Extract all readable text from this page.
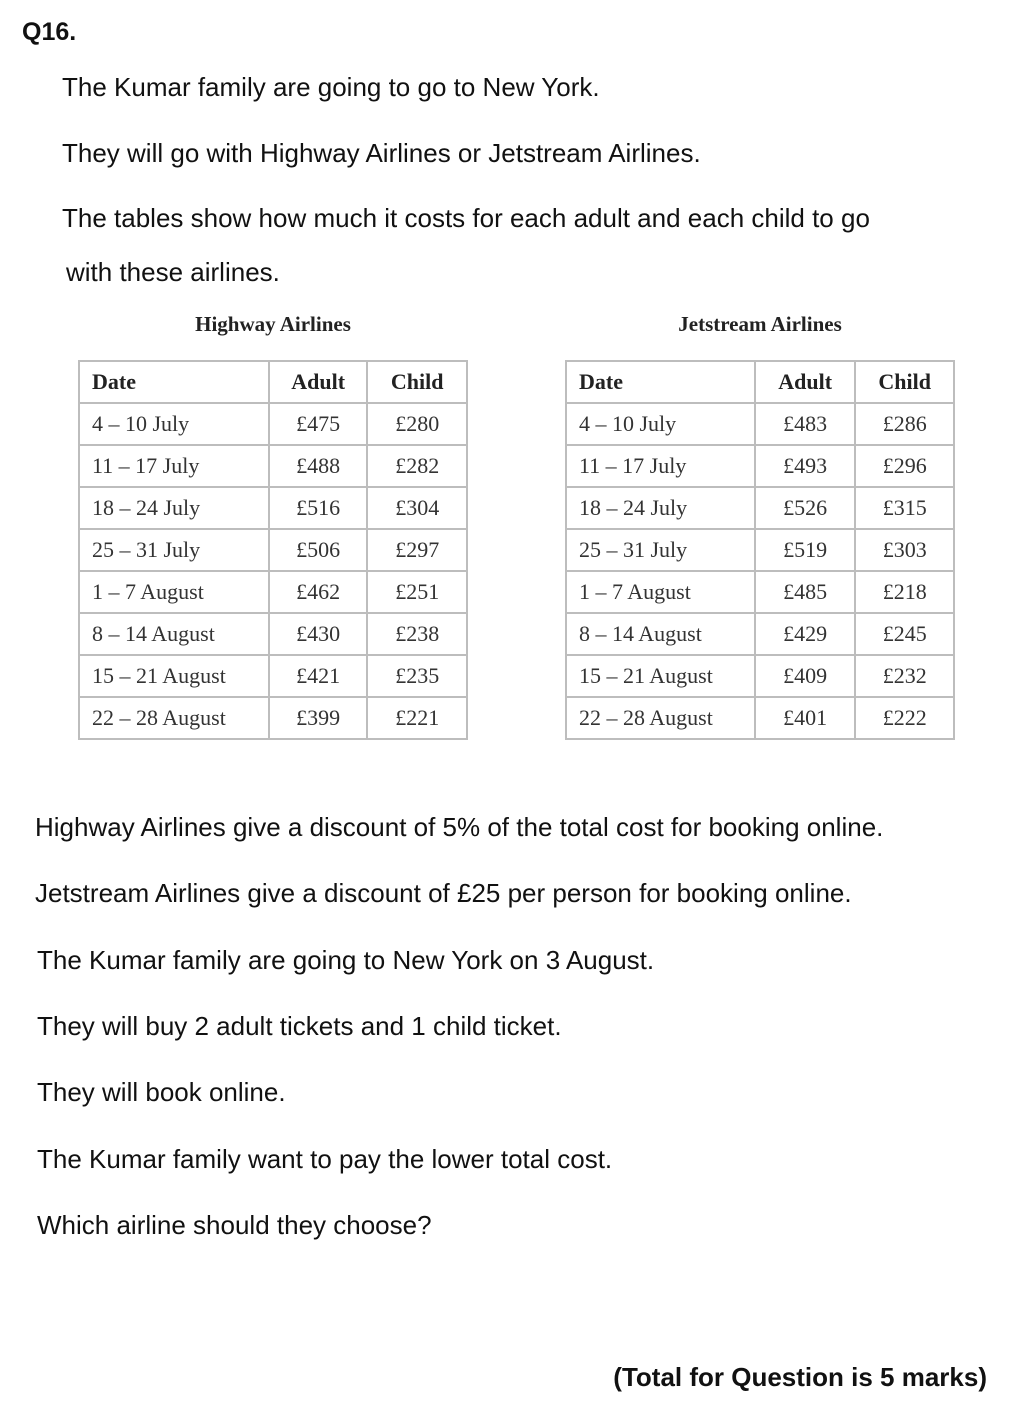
Q16.
The Kumar family are going to go to New York.
They will go with Highway Airlines or Jetstream Airlines.
The tables show how much it costs for each adult and each child to go
with these airlines.
Highway Airlines
Date	Adult	Child
4 – 10 July	£475	£280
11 – 17 July	£488	£282
18 – 24 July	£516	£304
25 – 31 July	£506	£297
1 – 7 August	£462	£251
8 – 14 August	£430	£238
15 – 21 August	£421	£235
22 – 28 August	£399	£221
Jetstream Airlines
Date	Adult	Child
4 – 10 July	£483	£286
11 – 17 July	£493	£296
18 – 24 July	£526	£315
25 – 31 July	£519	£303
1 – 7 August	£485	£218
8 – 14 August	£429	£245
15 – 21 August	£409	£232
22 – 28 August	£401	£222
Highway Airlines give a discount of 5% of the total cost for booking online.
Jetstream Airlines give a discount of £25 per person for booking online.
The Kumar family are going to New York on 3 August.
They will buy 2 adult tickets and 1 child ticket.
They will book online.
The Kumar family want to pay the lower total cost.
Which airline should they choose?
(Total for Question is 5 marks)
